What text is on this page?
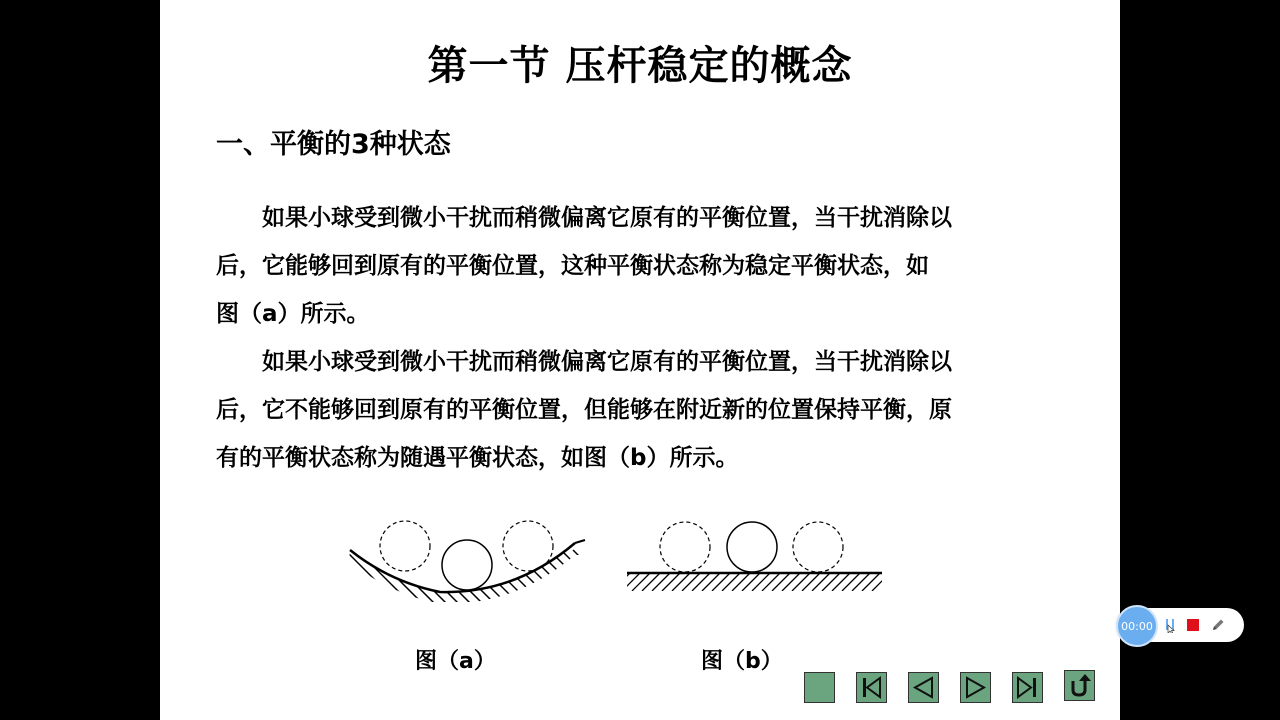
第一节 压杆稳定的概念
一、平衡的3种状态
如果小球受到微小干扰而稍微偏离它原有的平衡位置，当干扰消除以
后，它能够回到原有的平衡位置，这种平衡状态称为稳定平衡状态，如
图（a）所示。
如果小球受到微小干扰而稍微偏离它原有的平衡位置，当干扰消除以
后，它不能够回到原有的平衡位置，但能够在附近新的位置保持平衡，原
有的平衡状态称为随遇平衡状态，如图（b）所示。
图（a）	图（b）
00:00
